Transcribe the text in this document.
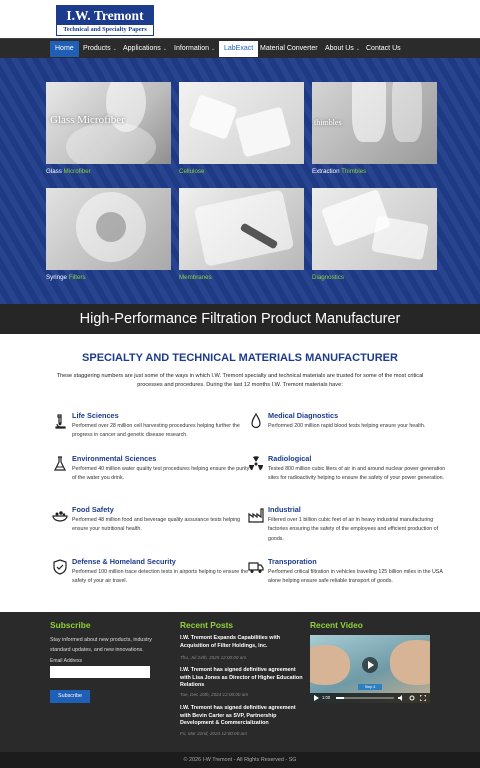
I.W. Tremont
Technical and Specialty Papers
Home	Products ⌄ Applications ⌄	Information ⌄	LabExact Material Converter	About Us ⌄ Contact Us
Glass Microfiber
Glass Microfiber	Cellulose
thimbles
Extraction Thimbles
Syringe Filters	Membranes	Diagnostics
High-Performance Filtration Product Manufacturer
SPECIALTY AND TECHNICAL MATERIALS MANUFACTURER
These staggering numbers are just some of the ways in which I.W. Tremont specialty and technical materials are trusted for some of the most critical processes and procedures. During the last 12 months I.W. Tremont materials have:
Life Sciences
Performed over 28 million cell harvesting procedures helping further the progress in cancer and genetic disease research.
Medical Diagnostics
Performed 200 million rapid blood tests helping ensure your health.
Environmental Sciences
Performed 40 million water quality test procedures helping ensure the purity of the water you drink.
Radiological
Tested 800 million cubic liters of air in and around nuclear power generation sites for radioactivity helping to ensure the safety of your power generation.
Food Safety
Performed 48 million food and beverage quality assurance tests helping ensure your nutritional health.
Industrial
Filtered over 1 billion cubic feet of air in heavy industrial manufacturing factories ensuring the safety of the employees and efficient production of goods.
Defense & Homeland Security
Performed 100 million trace detection tests in airports helping to ensure the safety of your air travel.
Transporation
Performed critical filtration in vehicles traveling 125 billion miles in the USA alone helping ensure safe reliable transport of goods.
Subscribe
Stay informed about new products, industry standard updates, and new innovations.
Email Address
Subscribe
Recent Posts
I.W. Tremont Expands Capabilities with Acquisition of Filter Holdings, Inc.
Thu, Jul 24th, 2025 12:00:00 am
I.W. Tremont has signed definitive agreement with Lisa Jones as Director of Higher Education Relations
Tue, Dec 10th, 2024 12:00:00 am
I.W. Tremont has signed definitive agreement with Bevin Carter as SVP, Partnership Development & Commercialization
Fri, Mar 22nd, 2024 12:00:00 am
Recent Video
Step 4
1:00
© 2026 I-W Tremont - All Rights Reserved - SG
